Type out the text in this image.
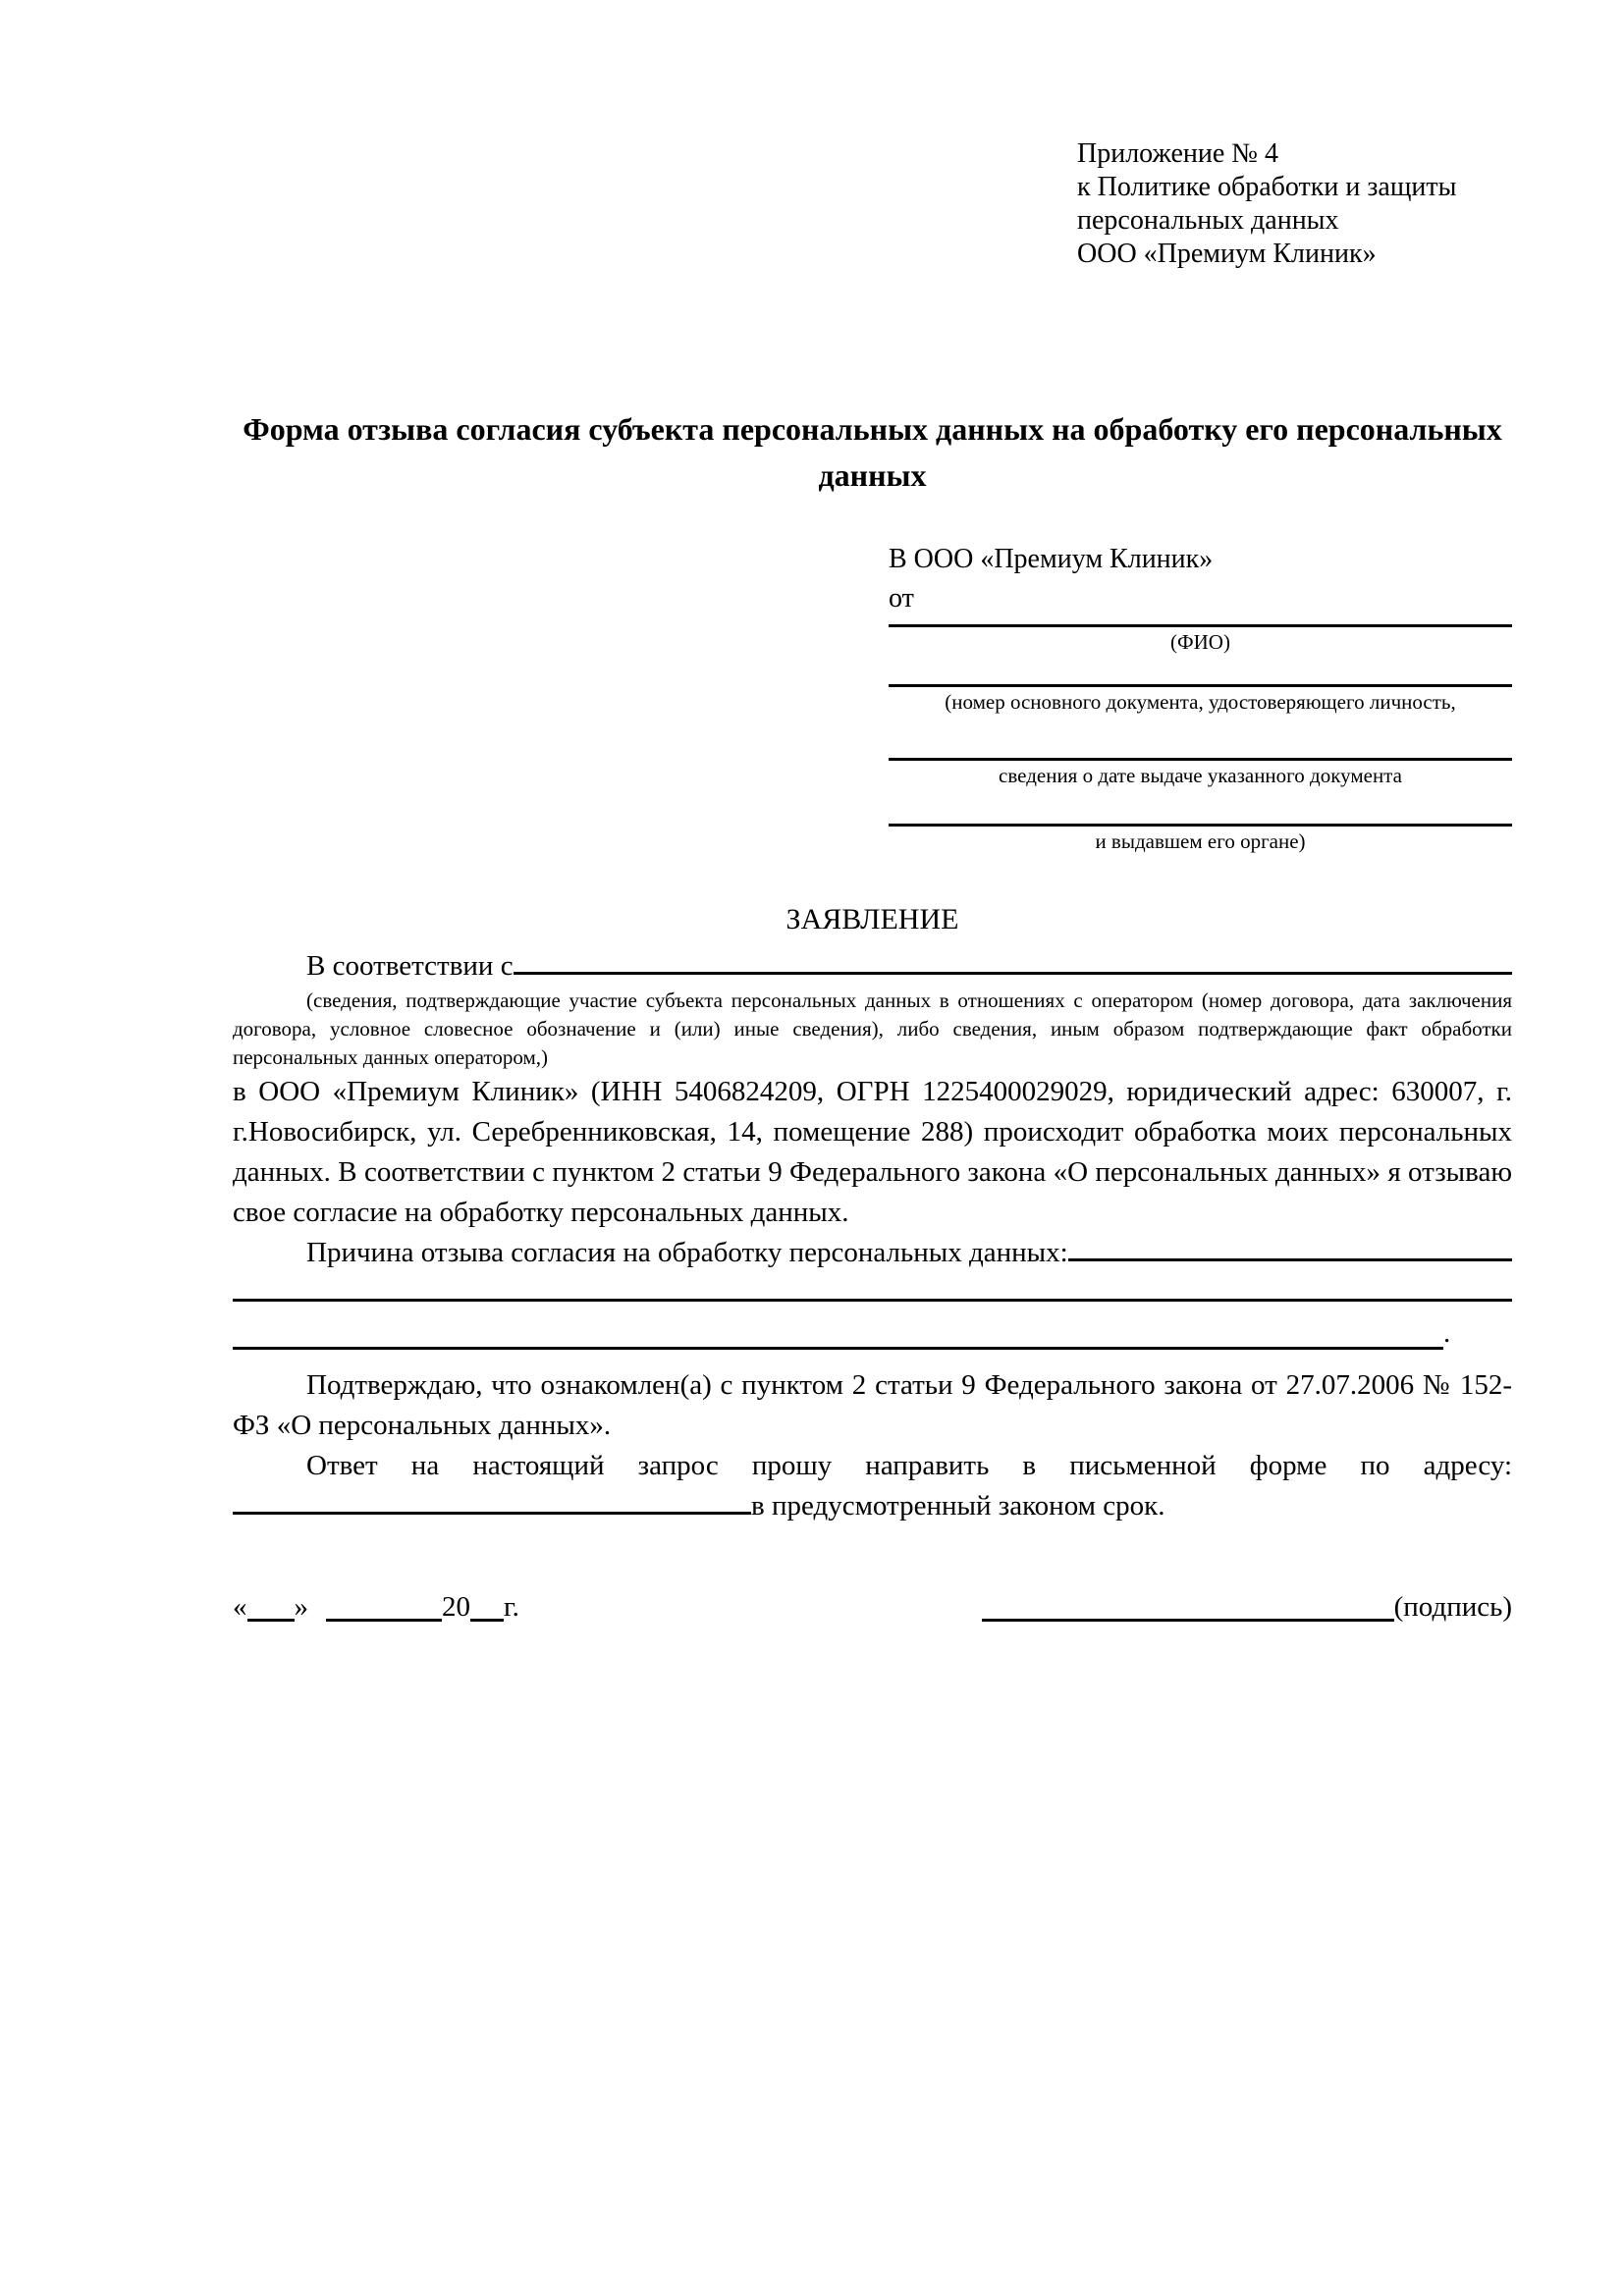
Приложение № 4
к Политике обработки и защиты
персональных данных
ООО «Премиум Клиник»
Форма отзыва согласия субъекта персональных данных на обработку его персональных данных
В ООО «Премиум Клиник»
от
(ФИО)
(номер основного документа, удостоверяющего личность,
сведения о дате выдаче указанного документа
и выдавшем его органе)
ЗАЯВЛЕНИЕ
В соответствии с

(сведения, подтверждающие участие субъекта персональных данных в отношениях с оператором (номер договора, дата заключения договора, условное словесное обозначение и (или) иные сведения), либо сведения, иным образом подтверждающие факт обработки персональных данных оператором,)

в ООО «Премиум Клиник» (ИНН 5406824209, ОГРН 1225400029029, юридический адрес: 630007, г. г.Новосибирск, ул. Серебренниковская, 14, помещение 288) происходит обработка моих персональных данных. В соответствии с пунктом 2 статьи 9 Федерального закона «О персональных данных» я отзываю свое согласие на обработку персональных данных.

Причина отзыва согласия на обработку персональных данных:
.

Подтверждаю, что ознакомлен(а) с пунктом 2 статьи 9 Федерального закона от 27.07.2006 № 152-ФЗ «О персональных данных».

Ответ на настоящий запрос прошу направить в письменной форме по адресу:

в предусмотренный законом срок.
« »	20 г.	(подпись)
